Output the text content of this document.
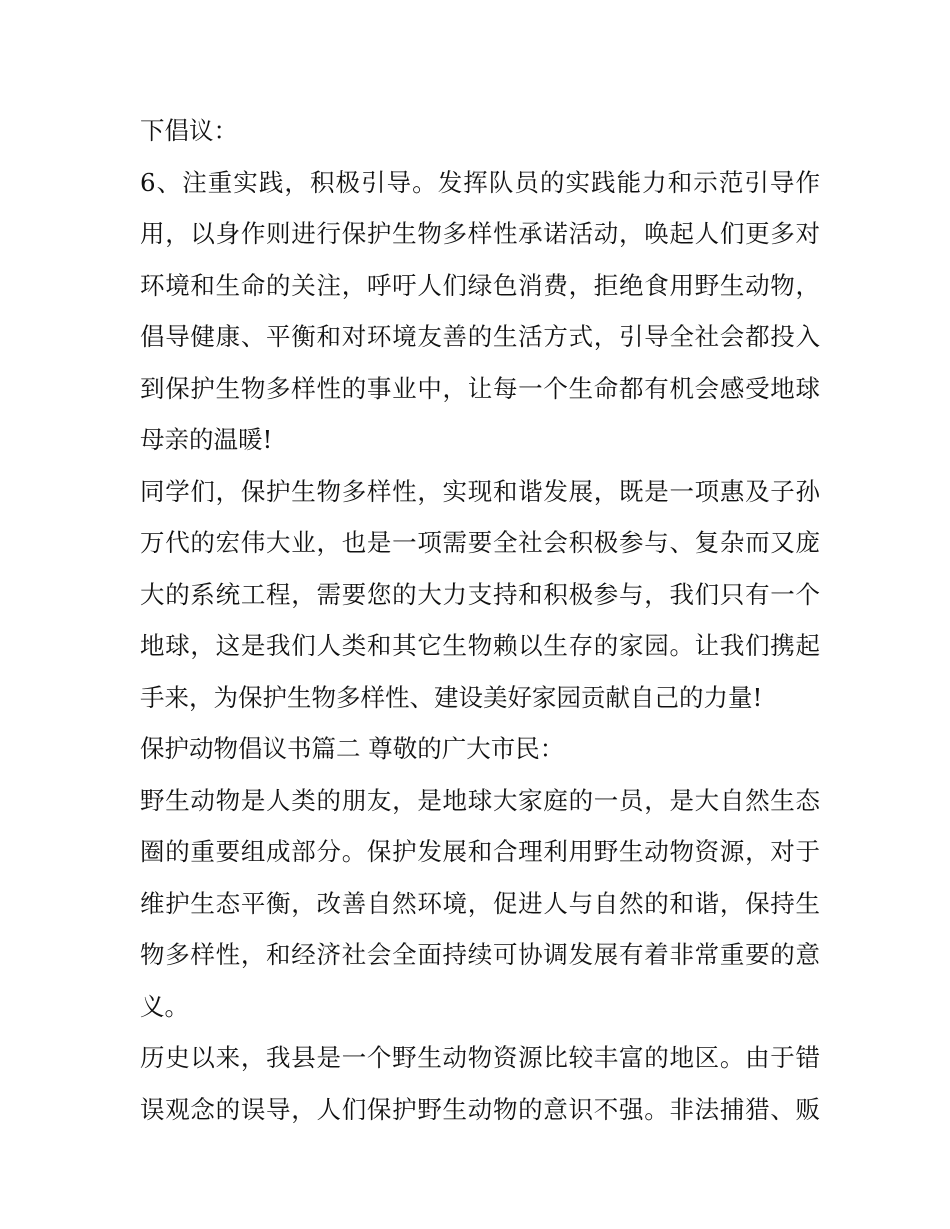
下倡议：
6、注重实践，积极引导。发挥队员的实践能力和示范引导作
用，以身作则进行保护生物多样性承诺活动，唤起人们更多对
环境和生命的关注，呼吁人们绿色消费，拒绝食用野生动物，
倡导健康、平衡和对环境友善的生活方式，引导全社会都投入
到保护生物多样性的事业中，让每一个生命都有机会感受地球
母亲的温暖!
同学们，保护生物多样性，实现和谐发展，既是一项惠及子孙
万代的宏伟大业，也是一项需要全社会积极参与、复杂而又庞
大的系统工程，需要您的大力支持和积极参与，我们只有一个
地球，这是我们人类和其它生物赖以生存的家园。让我们携起
手来，为保护生物多样性、建设美好家园贡献自己的力量!
保护动物倡议书篇二 尊敬的广大市民：
野生动物是人类的朋友，是地球大家庭的一员，是大自然生态
圈的重要组成部分。保护发展和合理利用野生动物资源，对于
维护生态平衡，改善自然环境，促进人与自然的和谐，保持生
物多样性，和经济社会全面持续可协调发展有着非常重要的意
义。
历史以来，我县是一个野生动物资源比较丰富的地区。由于错
误观念的误导，人们保护野生动物的意识不强。非法捕猎、贩
